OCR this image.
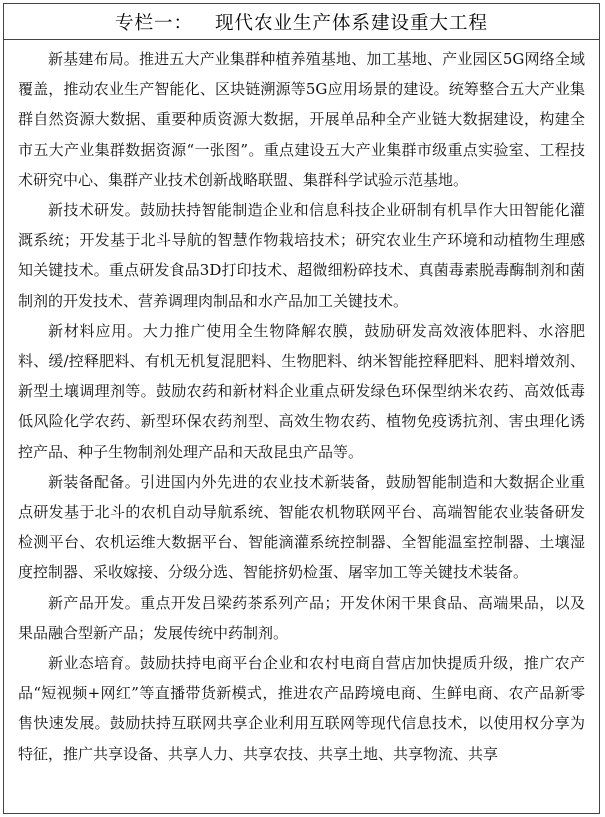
专栏一： 现代农业生产体系建设重大工程

新基建布局。推进五大产业集群种植养殖基地、加工基地、产业园区5G网络全域覆盖，推动农业生产智能化、区块链溯源等5G应用场景的建设。统筹整合五大产业集群自然资源大数据、重要种质资源大数据，开展单品种全产业链大数据建设，构建全市五大产业集群数据资源“一张图”。重点建设五大产业集群市级重点实验室、工程技术研究中心、集群产业技术创新战略联盟、集群科学试验示范基地。

新技术研发。鼓励扶持智能制造企业和信息科技企业研制有机旱作大田智能化灌溉系统；开发基于北斗导航的智慧作物栽培技术；研究农业生产环境和动植物生理感知关键技术。重点研发食品3D打印技术、超微细粉碎技术、真菌毒素脱毒酶制剂和菌制剂的开发技术、营养调理肉制品和水产品加工关键技术。

新材料应用。大力推广使用全生物降解农膜，鼓励研发高效液体肥料、水溶肥料、缓/控释肥料、有机无机复混肥料、生物肥料、纳米智能控释肥料、肥料增效剂、新型土壤调理剂等。鼓励农药和新材料企业重点研发绿色环保型纳米农药、高效低毒低风险化学农药、新型环保农药剂型、高效生物农药、植物免疫诱抗剂、害虫理化诱控产品、种子生物制剂处理产品和天敌昆虫产品等。

新装备配备。引进国内外先进的农业技术新装备，鼓励智能制造和大数据企业重点研发基于北斗的农机自动导航系统、智能农机物联网平台、高端智能农业装备研发检测平台、农机运维大数据平台、智能滴灌系统控制器、全智能温室控制器、土壤湿度控制器、采收嫁接、分级分选、智能挤奶检蛋、屠宰加工等关键技术装备。

新产品开发。重点开发吕梁药茶系列产品；开发休闲干果食品、高端果品，以及果品融合型新产品；发展传统中药制剂。

新业态培育。鼓励扶持电商平台企业和农村电商自营店加快提质升级，推广农产品“短视频+网红”等直播带货新模式，推进农产品跨境电商、生鲜电商、农产品新零售快速发展。鼓励扶持互联网共享企业利用互联网等现代信息技术，以使用权分享为特征，推广共享设备、共享人力、共享农技、共享土地、共享物流、共享
